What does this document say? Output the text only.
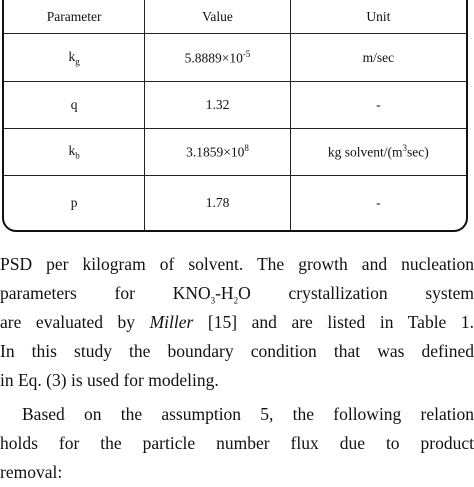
Parameter	Value	Unit
$k_g$	$5.8889\times 10^{-5}$	m/sec
q	1.32	-
$k_b$	$3.1859\times 10^8$	kg solvent/$(m^3\sec)$
p	1.78	-
PSD per kilogram of solvent. The growth and nucleation
parameters for $KNO_3-H_2O$ crystallization system
are evaluated by Miller [15] and are listed in Table 1.
In this study the boundary condition that was defined
in Eq. (3) is used for modeling.
Based on the assumption 5, the following relation
holds for the particle number flux due to product
removal:
